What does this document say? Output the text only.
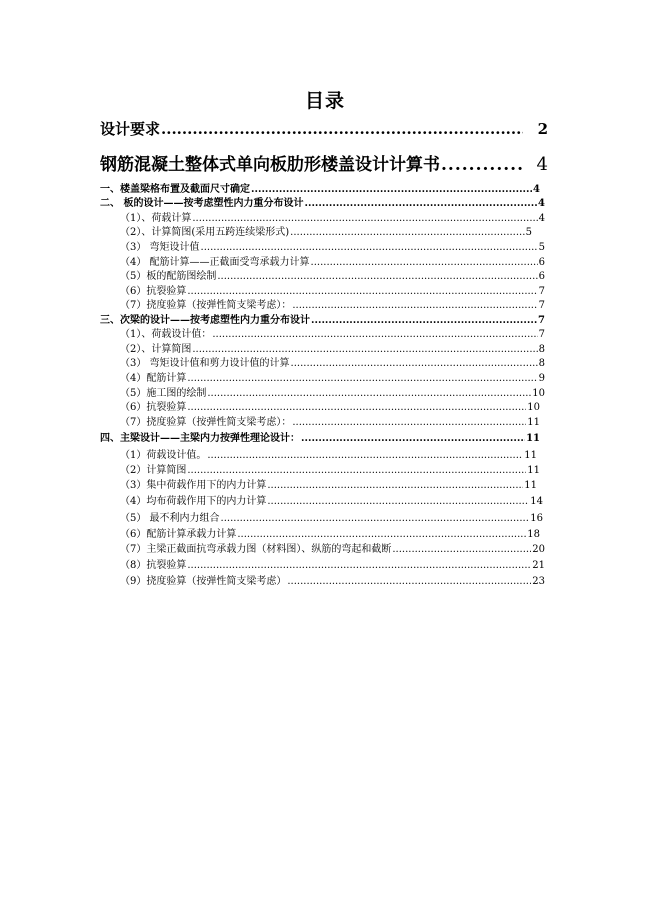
目录
设计要求 .....	2
钢筋混凝土整体式单向板肋形楼盖设计计算书 .....	4
一、楼盖梁格布置及截面尺寸确定 .....	4
二、 板的设计——按考虑塑性内力重分布设计 .....	4
（1）、荷载计算 .....	4
（2）、计算简图(采用五跨连续梁形式) .....	5
（3） 弯矩设计值 .....	5
（4） 配筋计算——正截面受弯承载力计算 .....	6
（5）板的配筋图绘制 .....	6
（6）抗裂验算 .....	7
（7）挠度验算（按弹性简支梁考虑）： .....	7
三、次梁的设计——按考虑塑性内力重分布设计 .....	7
（1）、荷载设计值： .....	7
（2）、计算简图 .....	8
（3） 弯矩设计值和剪力设计值的计算 .....	8
（4）配筋计算 .....	9
（5）施工图的绘制 .....	10
（6）抗裂验算 .....	10
（7）挠度验算（按弹性简支梁考虑）： .....	11
四、主梁设计——主梁内力按弹性理论设计： .....	11
（1）荷载设计值。 .....	11
（2）计算简图 .....	11
（3）集中荷载作用下的内力计算 .....	11
（4）均布荷载作用下的内力计算 .....	14
（5） 最不利内力组合 .....	16
（6）配筋计算承载力计算 .....	18
（7）主梁正截面抗弯承载力图（材料图）、纵筋的弯起和截断 .....	20
（8）抗裂验算 .....	21
（9）挠度验算（按弹性简支梁考虑） .....	23
